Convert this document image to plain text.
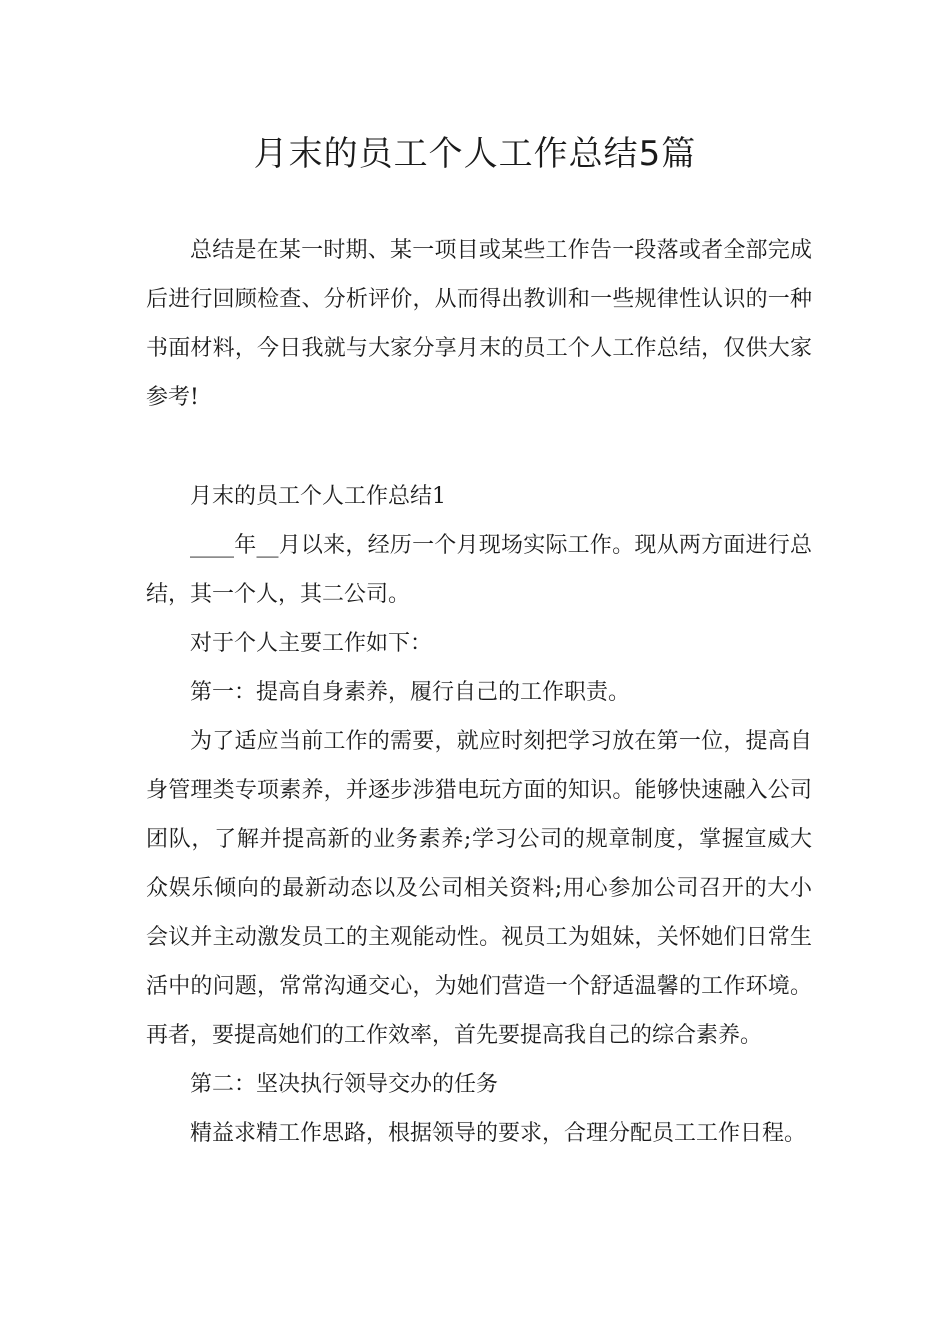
月末的员工个人工作总结5篇

总结是在某一时期、某一项目或某些工作告一段落或者全部完成后进行回顾检查、分析评价，从而得出教训和一些规律性认识的一种书面材料，今日我就与大家分享月末的员工个人工作总结，仅供大家参考!

月末的员工个人工作总结1

____年__月以来，经历一个月现场实际工作。现从两方面进行总结，其一个人，其二公司。

对于个人主要工作如下：

第一：提高自身素养，履行自己的工作职责。

为了适应当前工作的需要，就应时刻把学习放在第一位，提高自身管理类专项素养，并逐步涉猎电玩方面的知识。能够快速融入公司团队，了解并提高新的业务素养;学习公司的规章制度，掌握宣威大众娱乐倾向的最新动态以及公司相关资料;用心参加公司召开的大小会议并主动激发员工的主观能动性。视员工为姐妹，关怀她们日常生活中的问题，常常沟通交心，为她们营造一个舒适温馨的工作环境。再者，要提高她们的工作效率，首先要提高我自己的综合素养。

第二：坚决执行领导交办的任务

精益求精工作思路，根据领导的要求，合理分配员工工作日程。
